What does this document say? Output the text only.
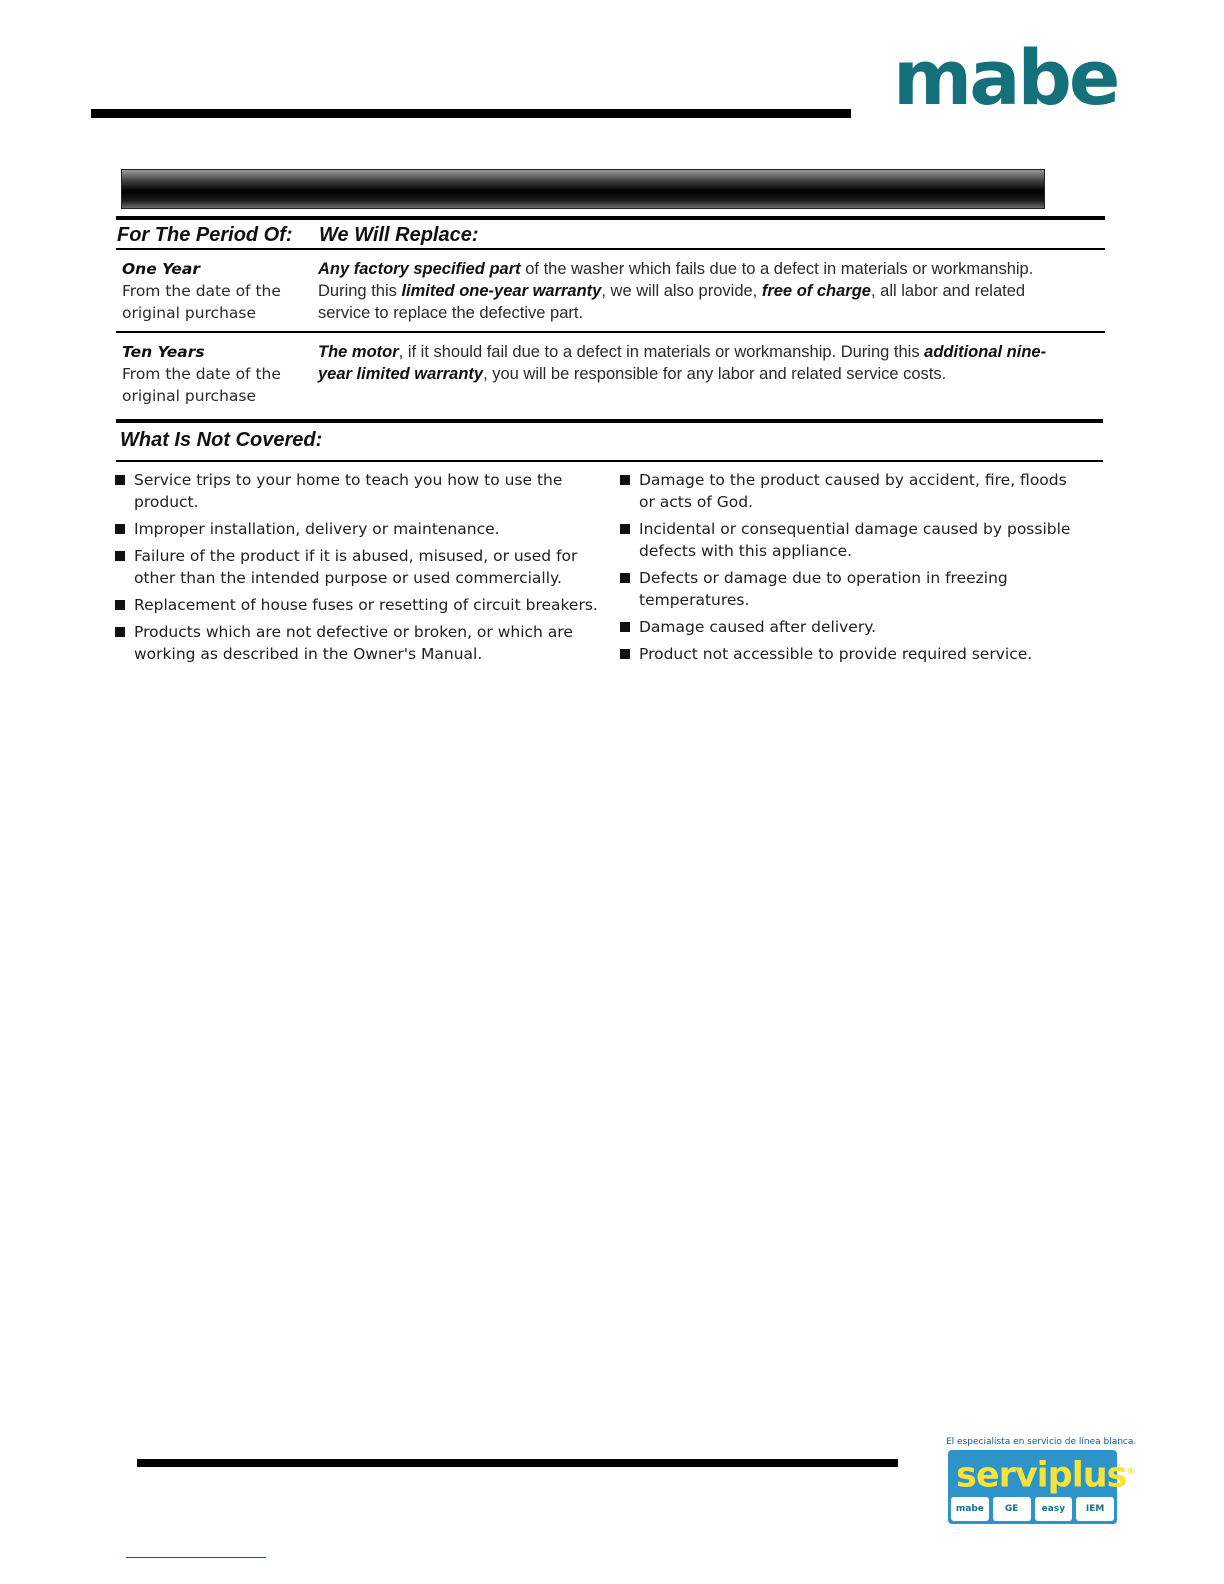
mabe
For The Period Of: We Will Replace:
One Year
From the date of the
original purchase
Any factory specified part of the washer which fails due to a defect in materials or workmanship. During this limited one-year warranty, we will also provide, free of charge, all labor and related service to replace the defective part.
Ten Years
From the date of the
original purchase
The motor, if it should fail due to a defect in materials or workmanship. During this additional nine-year limited warranty, you will be responsible for any labor and related service costs.
What Is Not Covered:
Service trips to your home to teach you how to use the product.
Improper installation, delivery or maintenance.
Failure of the product if it is abused, misused, or used for other than the intended purpose or used commercially.
Replacement of house fuses or resetting of circuit breakers.
Products which are not defective or broken, or which are working as described in the Owner's Manual.
Damage to the product caused by accident, fire, floods or acts of God.
Incidental or consequential damage caused by possible defects with this appliance.
Defects or damage due to operation in freezing temperatures.
Damage caused after delivery.
Product not accessible to provide required service.
El especialista en servicio de línea blanca.
serviplus®
mabe	GE	easy	IEM
